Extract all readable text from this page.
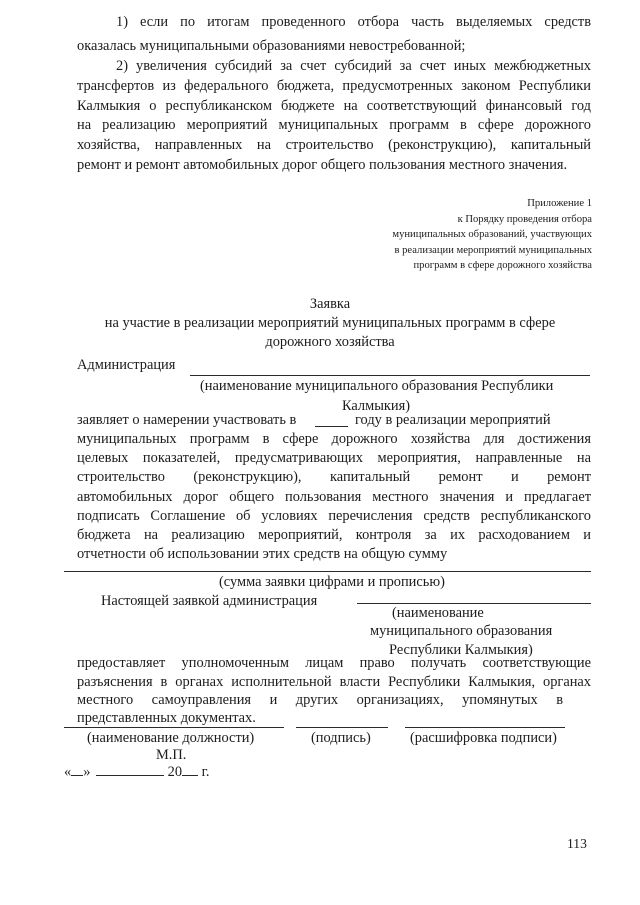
1) если по итогам проведенного отбора часть выделяемых средств
оказалась муниципальными образованиями невостребованной;
2) увеличения субсидий за счет субсидий за счет иных межбюджетных
трансфертов из федерального бюджета, предусмотренных законом Республики
Калмыкия о республиканском бюджете на соответствующий финансовый год
на реализацию мероприятий муниципальных программ в сфере дорожного
хозяйства, направленных на строительство (реконструкцию), капитальный
ремонт и ремонт автомобильных дорог общего пользования местного значения.
Приложение 1
к Порядку проведения отбора
муниципальных образований, участвующих
в реализации мероприятий муниципальных
программ в сфере дорожного хозяйства
Заявка
на участие в реализации мероприятий муниципальных программ в сфере
дорожного хозяйства
Администрация
(наименование муниципального образования Республики
Калмыкия)
заявляет о намерении участвовать в	году в реализации мероприятий
муниципальных программ в сфере дорожного хозяйства для достижения
целевых показателей, предусматривающих мероприятия, направленные на
строительство (реконструкцию), капитальный ремонт и ремонт
автомобильных дорог общего пользования местного значения и предлагает
подписать Соглашение об условиях перечисления средств республиканского
бюджета на реализацию мероприятий, контроля за их расходованием и
отчетности об использовании этих средств на общую сумму
(сумма заявки цифрами и прописью)
Настоящей заявкой администрация
(наименование
муниципального образования
Республики Калмыкия)
предоставляет уполномоченным лицам право получать соответствующие
разъяснения в органах исполнительной власти Республики Калмыкия, органах
местного самоуправления и других организациях, упомянутых в
представленных документах.
(наименование должности)	(подпись)	(расшифровка подписи)
М.П.
« »	20 г.
113
